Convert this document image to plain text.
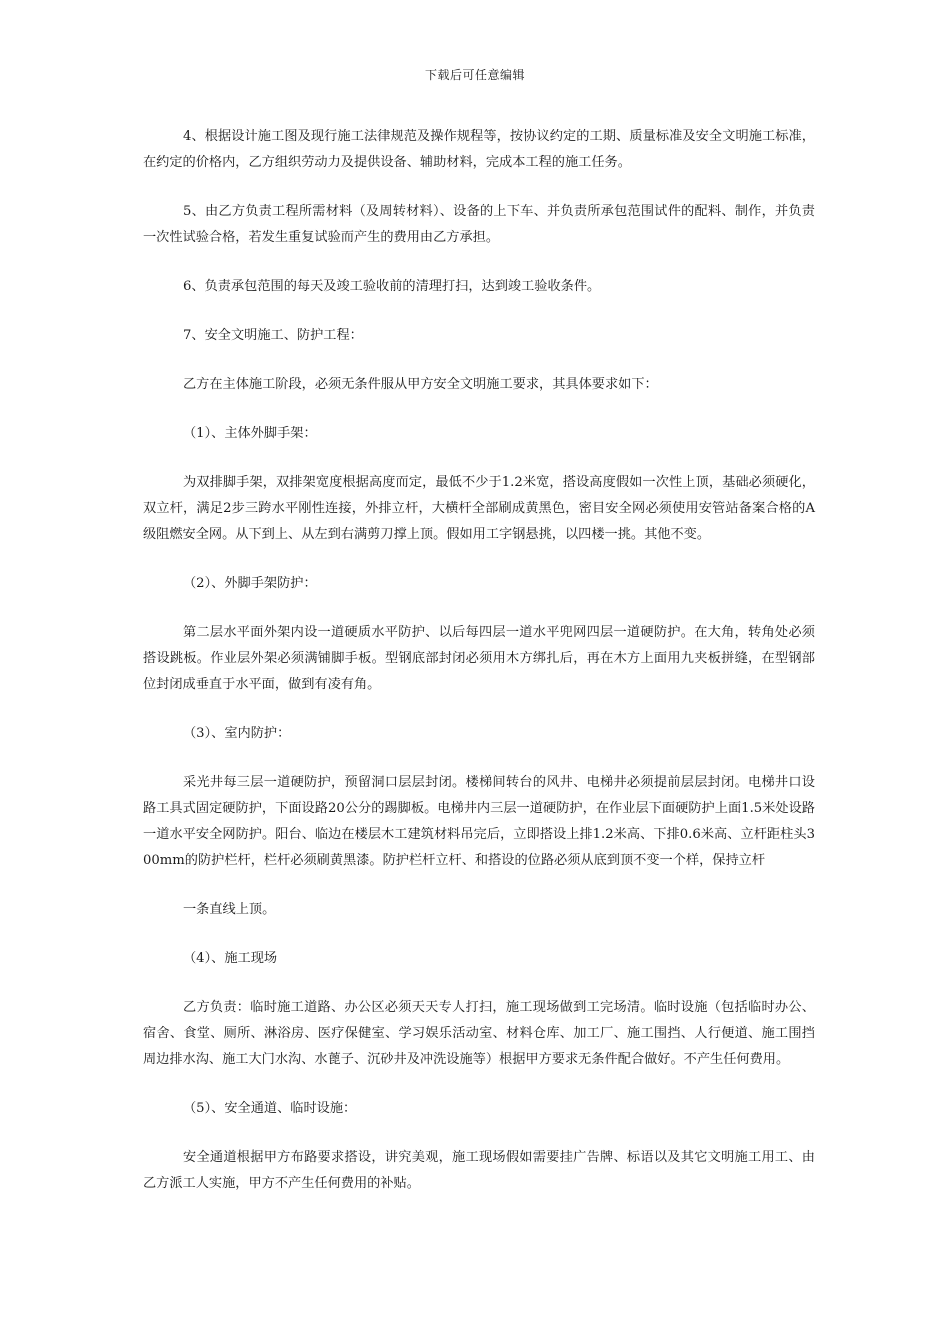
下载后可任意编辑

4、根据设计施工图及现行施工法律规范及操作规程等，按协议约定的工期、质量标准及安全文明施工标准，在约定的价格内，乙方组织劳动力及提供设备、辅助材料，完成本工程的施工任务。

5、由乙方负责工程所需材料（及周转材料）、设备的上下车、并负责所承包范围试件的配料、制作，并负责一次性试验合格，若发生重复试验而产生的费用由乙方承担。

6、负责承包范围的每天及竣工验收前的清理打扫，达到竣工验收条件。

7、安全文明施工、防护工程：

乙方在主体施工阶段，必须无条件服从甲方安全文明施工要求，其具体要求如下：

（1）、主体外脚手架：

为双排脚手架，双排架宽度根据高度而定，最低不少于1.2米宽，搭设高度假如一次性上顶，基础必须硬化，双立杆，满足2步三跨水平刚性连接，外排立杆，大横杆全部刷成黄黑色，密目安全网必须使用安管站备案合格的A级阻燃安全网。从下到上、从左到右满剪刀撑上顶。假如用工字钢悬挑，以四楼一挑。其他不变。

（2）、外脚手架防护：

第二层水平面外架内设一道硬质水平防护、以后每四层一道水平兜网四层一道硬防护。在大角，转角处必须搭设跳板。作业层外架必须满铺脚手板。型钢底部封闭必须用木方绑扎后，再在木方上面用九夹板拼缝，在型钢部位封闭成垂直于水平面，做到有凌有角。

（3）、室内防护：

采光井每三层一道硬防护，预留洞口层层封闭。楼梯间转台的风井、电梯井必须提前层层封闭。电梯井口设路工具式固定硬防护，下面设路20公分的踢脚板。电梯井内三层一道硬防护，在作业层下面硬防护上面1.5米处设路一道水平安全网防护。阳台、临边在楼层木工建筑材料吊完后，立即搭设上排1.2米高、下排0.6米高、立杆距柱头300mm的防护栏杆，栏杆必须刷黄黑漆。防护栏杆立杆、和搭设的位路必须从底到顶不变一个样，保持立杆

一条直线上顶。

（4）、施工现场

乙方负责：临时施工道路、办公区必须天天专人打扫，施工现场做到工完场清。临时设施（包括临时办公、宿舍、食堂、厕所、淋浴房、医疗保健室、学习娱乐活动室、材料仓库、加工厂、施工围挡、人行便道、施工围挡周边排水沟、施工大门水沟、水蓖子、沉砂井及冲洗设施等）根据甲方要求无条件配合做好。不产生任何费用。

（5）、安全通道、临时设施：

安全通道根据甲方布路要求搭设，讲究美观，施工现场假如需要挂广告牌、标语以及其它文明施工用工、由乙方派工人实施，甲方不产生任何费用的补贴。
